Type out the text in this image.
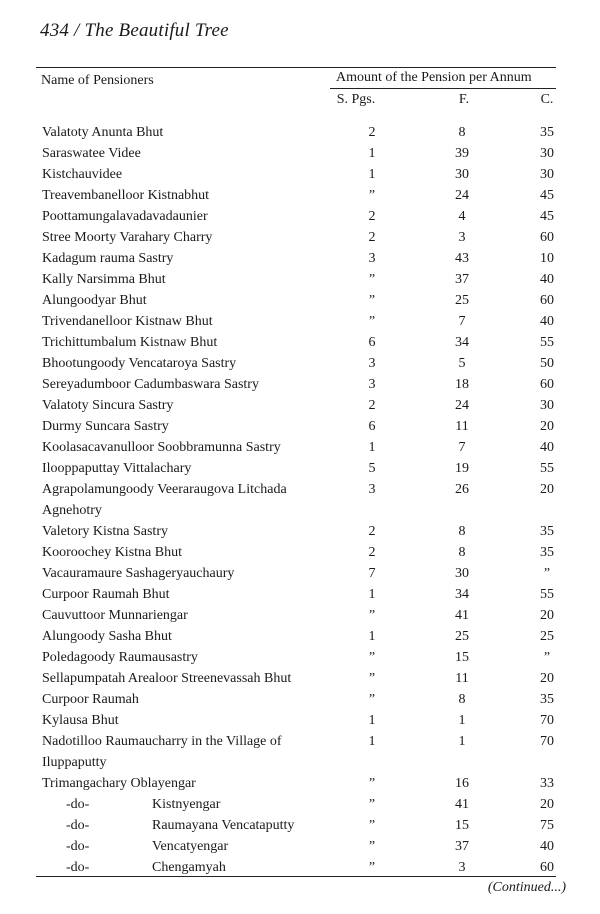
434 / The Beautiful Tree
Name of Pensioners	Amount of the Pension per Annum
S. Pgs.	F.	C.
Valatoty Anunta Bhut	2	8	35
Saraswatee Videe	1	39	30
Kistchauvidee	1	30	30
Treavembanelloor Kistnabhut	”	24	45
Poottamungalavadavadaunier	2	4	45
Stree Moorty Varahary Charry	2	3	60
Kadagum rauma Sastry	3	43	10
Kally Narsimma Bhut	”	37	40
Alungoodyar Bhut	”	25	60
Trivendanelloor Kistnaw Bhut	”	7	40
Trichittumbalum Kistnaw Bhut	6	34	55
Bhootungoody Vencataroya Sastry	3	5	50
Sereyadumboor Cadumbaswara Sastry	3	18	60
Valatoty Sincura Sastry	2	24	30
Durmy Suncara Sastry	6	11	20
Koolasacavanulloor Soobbramunna Sastry	1	7	40
Ilooppaputtay Vittalachary	5	19	55
Agrapolamungoody Veeraraugova Litchada Agnehotry
3	26	20
Valetory Kistna Sastry	2	8	35
Kooroochey Kistna Bhut	2	8	35
Vacauramaure Sashageryauchaury	7	30	”
Curpoor Raumah Bhut	1	34	55
Cauvuttoor Munnariengar	”	41	20
Alungoody Sasha Bhut	1	25	25
Poledagoody Raumausastry	”	15	”
Sellapumpatah Arealoor Streenevassah Bhut	”	11	20
Curpoor Raumah	”	8	35
Kylausa Bhut	1	1	70
Nadotilloo Raumaucharry in the Village of Iluppaputty
1	1	70
Trimangachary Oblayengar	”	16	33
-do-	Kistnyengar	”	41	20
-do-	Raumayana Vencataputty	”	15	75
-do-	Vencatyengar	”	37	40
-do-	Chengamyah	”	3	60
(Continued...)
